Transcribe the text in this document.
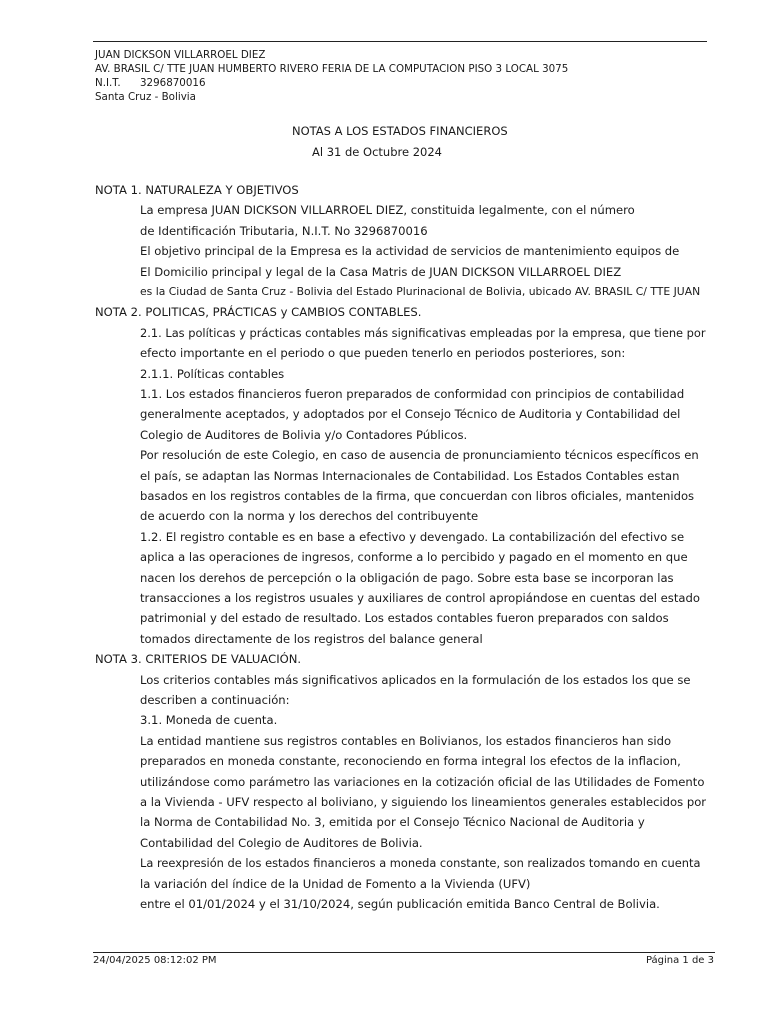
JUAN DICKSON VILLARROEL DIEZ
AV. BRASIL C/ TTE JUAN HUMBERTO RIVERO FERIA DE LA COMPUTACION PISO 3 LOCAL 3075
N.I.T. 3296870016
Santa Cruz - Bolivia
NOTAS A LOS ESTADOS FINANCIEROS
Al 31 de Octubre 2024
NOTA 1. NATURALEZA Y OBJETIVOS
La empresa JUAN DICKSON VILLARROEL DIEZ, constituida legalmente, con el número
de Identificación Tributaria, N.I.T. No 3296870016
El objetivo principal de la Empresa es la actividad de servicios de mantenimiento equipos de
El Domicilio principal y legal de la Casa Matris de JUAN DICKSON VILLARROEL DIEZ
es la Ciudad de Santa Cruz - Bolivia del Estado Plurinacional de Bolivia, ubicado AV. BRASIL C/ TTE JUAN
NOTA 2. POLITICAS, PRÁCTICAS y CAMBIOS CONTABLES.
2.1. Las políticas y prácticas contables más significativas empleadas por la empresa, que tiene por
efecto importante en el periodo o que pueden tenerlo en periodos posteriores, son:
2.1.1. Políticas contables
1.1. Los estados financieros fueron preparados de conformidad con principios de contabilidad
generalmente aceptados, y adoptados por el Consejo Técnico de Auditoria y Contabilidad del
Colegio de Auditores de Bolivia y/o Contadores Públicos.
Por resolución de este Colegio, en caso de ausencia de pronunciamiento técnicos específicos en
el país, se adaptan las Normas Internacionales de Contabilidad. Los Estados Contables estan
basados en los registros contables de la firma, que concuerdan con libros oficiales, mantenidos
de acuerdo con la norma y los derechos del contribuyente
1.2. El registro contable es en base a efectivo y devengado. La contabilización del efectivo se
aplica a las operaciones de ingresos, conforme a lo percibido y pagado en el momento en que
nacen los derehos de percepción o la obligación de pago. Sobre esta base se incorporan las
transacciones a los registros usuales y auxiliares de control apropiándose en cuentas del estado
patrimonial y del estado de resultado. Los estados contables fueron preparados con saldos
tomados directamente de los registros del balance general
NOTA 3. CRITERIOS DE VALUACIÓN.
Los criterios contables más significativos aplicados en la formulación de los estados los que se
describen a continuación:
3.1. Moneda de cuenta.
La entidad mantiene sus registros contables en Bolivianos, los estados financieros han sido
preparados en moneda constante, reconociendo en forma integral los efectos de la inflacion,
utilizándose como parámetro las variaciones en la cotización oficial de las Utilidades de Fomento
a la Vivienda - UFV respecto al boliviano, y siguiendo los lineamientos generales establecidos por
la Norma de Contabilidad No. 3, emitida por el Consejo Técnico Nacional de Auditoria y
Contabilidad del Colegio de Auditores de Bolivia.
La reexpresión de los estados financieros a moneda constante, son realizados tomando en cuenta
la variación del índice de la Unidad de Fomento a la Vivienda (UFV)
entre el 01/01/2024 y el 31/10/2024, según publicación emitida Banco Central de Bolivia.
24/04/2025 08:12:02 PM	Página 1 de 3
